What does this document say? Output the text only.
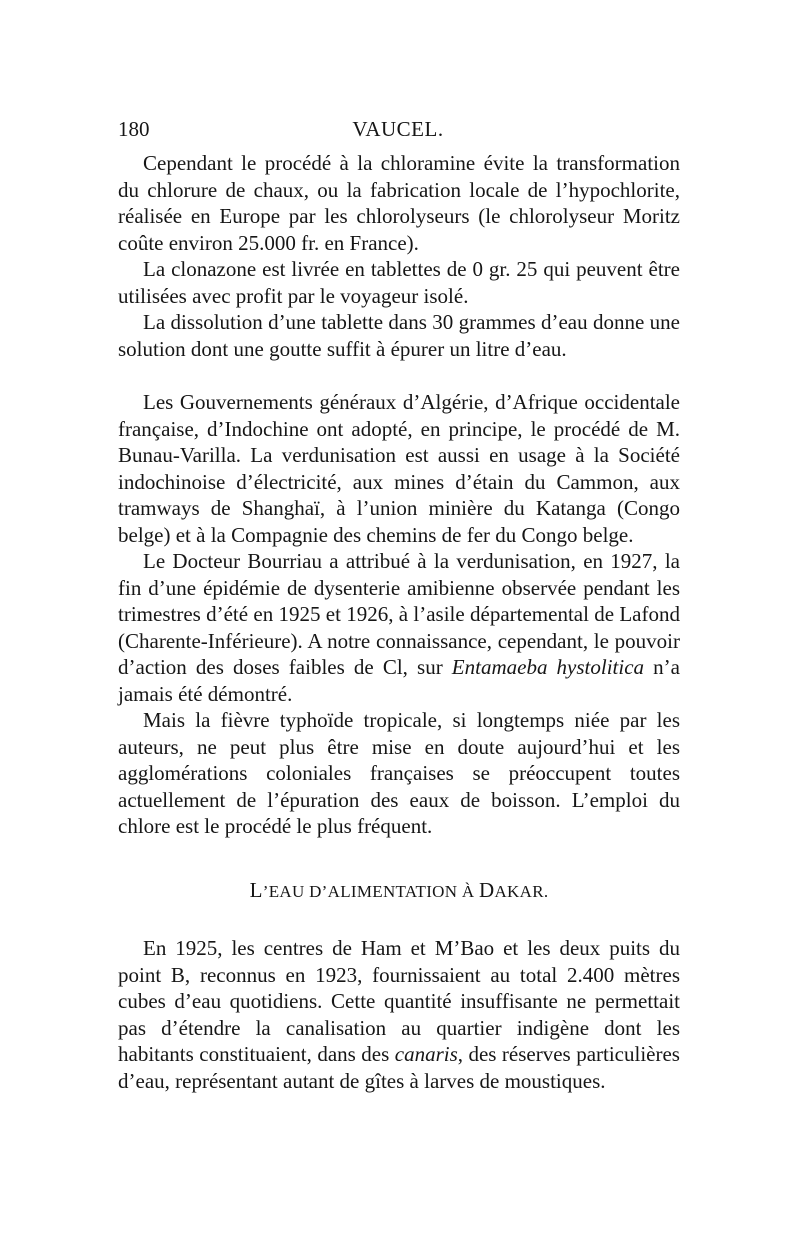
180	VAUCEL.

Cependant le procédé à la chloramine évite la transformation du chlorure de chaux, ou la fabrication locale de l’hypochlorite, réalisée en Europe par les chlorolyseurs (le chlorolyseur Moritz coûte environ 25.000 fr. en France).

La clonazone est livrée en tablettes de 0 gr. 25 qui peuvent être utilisées avec profit par le voyageur isolé.

La dissolution d’une tablette dans 30 grammes d’eau donne une solution dont une goutte suffit à épurer un litre d’eau.

Les Gouvernements généraux d’Algérie, d’Afrique occidentale française, d’Indochine ont adopté, en principe, le procédé de M. Bunau-Varilla. La verdunisation est aussi en usage à la Société indochinoise d’électricité, aux mines d’étain du Cammon, aux tramways de Shanghaï, à l’union minière du Katanga (Congo belge) et à la Compagnie des chemins de fer du Congo belge.

Le Docteur Bourriau a attribué à la verdunisation, en 1927, la fin d’une épidémie de dysenterie amibienne observée pendant les trimestres d’été en 1925 et 1926, à l’asile départemental de Lafond (Charente-Inférieure). A notre connaissance, cependant, le pouvoir d’action des doses faibles de Cl, sur Entamaeba hystolitica n’a jamais été démontré.

Mais la fièvre typhoïde tropicale, si longtemps niée par les auteurs, ne peut plus être mise en doute aujourd’hui et les agglomérations coloniales françaises se préoccupent toutes actuellement de l’épuration des eaux de boisson. L’emploi du chlore est le procédé le plus fréquent.

L’EAU D’ALIMENTATION À DAKAR.

En 1925, les centres de Ham et M’Bao et les deux puits du point B, reconnus en 1923, fournissaient au total 2.400 mètres cubes d’eau quotidiens. Cette quantité insuffisante ne permettait pas d’étendre la canalisation au quartier indigène dont les habitants constituaient, dans des canaris, des réserves particulières d’eau, représentant autant de gîtes à larves de moustiques.
